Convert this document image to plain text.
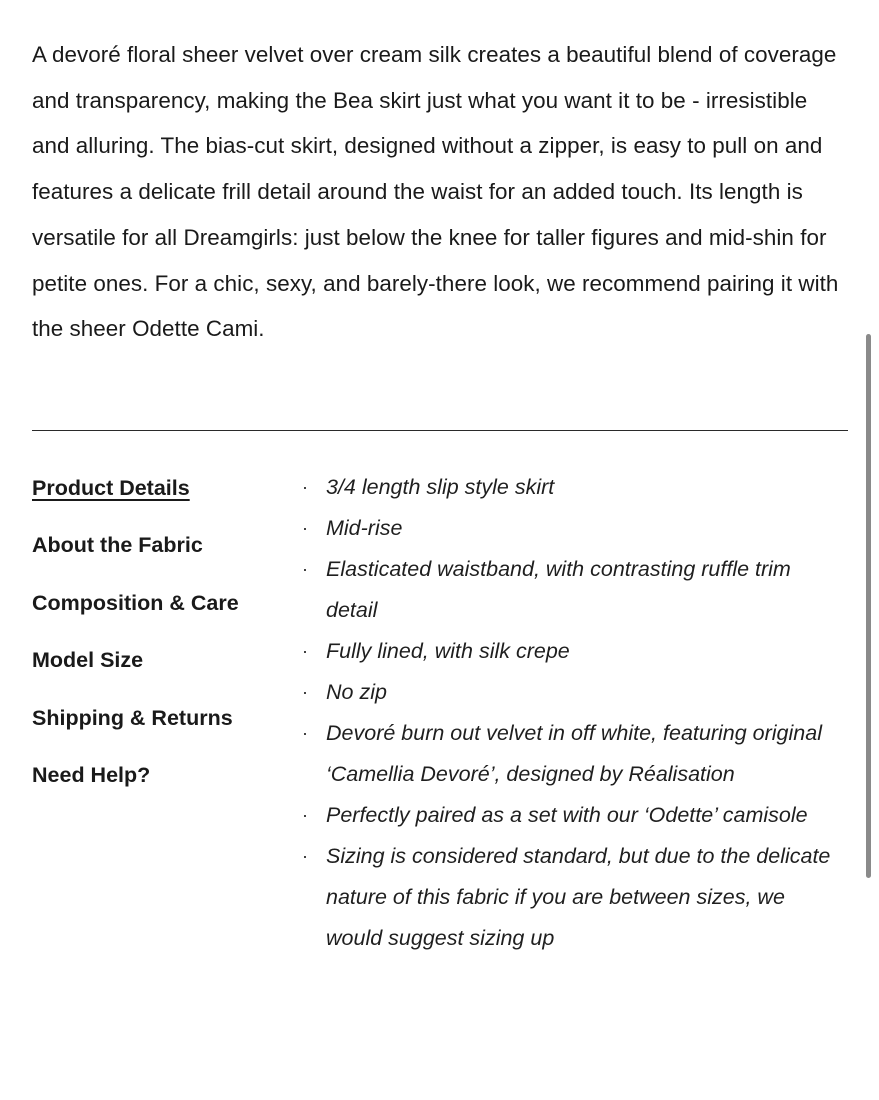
A devoré floral sheer velvet over cream silk creates a beautiful blend of coverage and transparency, making the Bea skirt just what you want it to be - irresistible and alluring. The bias-cut skirt, designed without a zipper, is easy to pull on and features a delicate frill detail around the waist for an added touch. Its length is versatile for all Dreamgirls: just below the knee for taller figures and mid-shin for petite ones. For a chic, sexy, and barely-there look, we recommend pairing it with the sheer Odette Cami.

Product Details
About the Fabric
Composition & Care
Model Size
Shipping & Returns
Need Help?
· 3/4 length slip style skirt
· Mid-rise
· Elasticated waistband, with contrasting ruffle trim detail
· Fully lined, with silk crepe
· No zip
· Devoré burn out velvet in off white, featuring original ‘Camellia Devoré’, designed by Réalisation
· Perfectly paired as a set with our ‘Odette’ camisole
· Sizing is considered standard, but due to the delicate nature of this fabric if you are between sizes, we would suggest sizing up
